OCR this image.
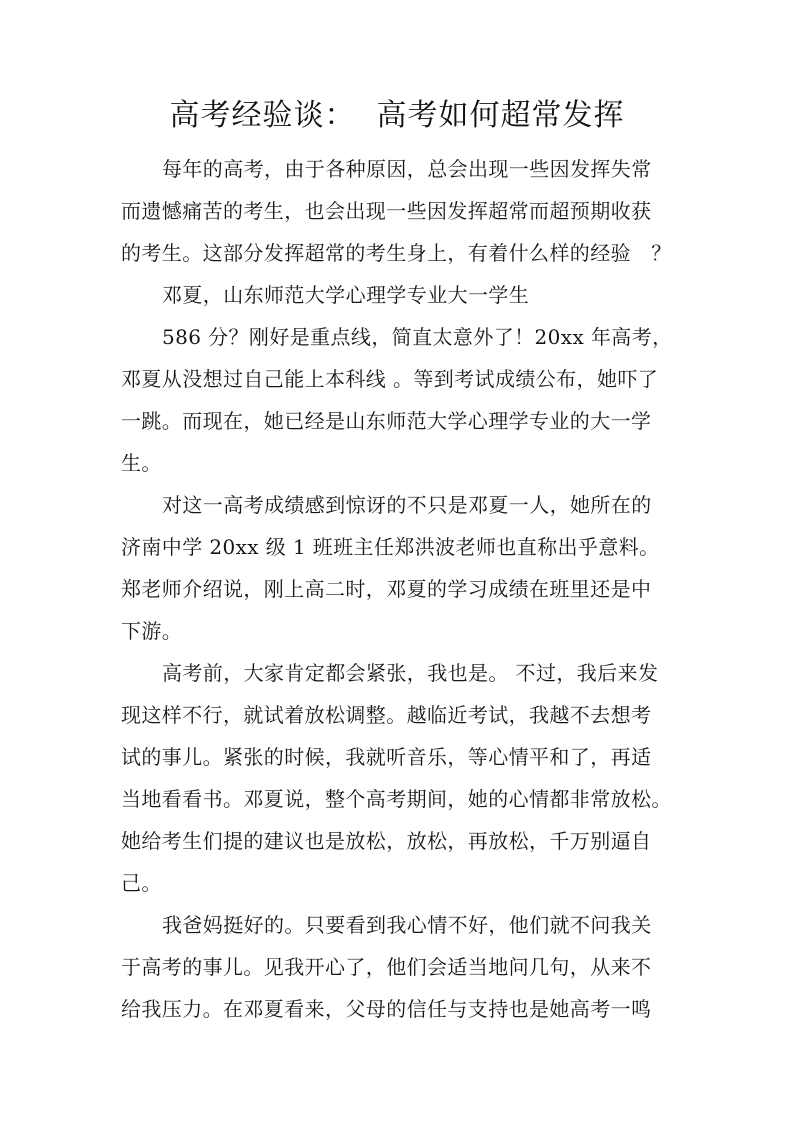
高考经验谈：  高考如何超常发挥
每年的高考，由于各种原因，总会出现一些因发挥失常
而遗憾痛苦的考生，也会出现一些因发挥超常而超预期收获
的考生。这部分发挥超常的考生身上，有着什么样的经验   ？
邓夏，山东师范大学心理学专业大一学生
586 分？刚好是重点线，简直太意外了！20xx 年高考，
邓夏从没想过自己能上本科线 。等到考试成绩公布，她吓了
一跳。而现在，她已经是山东师范大学心理学专业的大一学
生。
对这一高考成绩感到惊讶的不只是邓夏一人，她所在的
济南中学 20xx 级 1 班班主任郑洪波老师也直称出乎意料。
郑老师介绍说，刚上高二时，邓夏的学习成绩在班里还是中
下游。
高考前，大家肯定都会紧张，我也是。 不过，我后来发
现这样不行，就试着放松调整。越临近考试，我越不去想考
试的事儿。紧张的时候，我就听音乐，等心情平和了，再适
当地看看书。邓夏说，整个高考期间，她的心情都非常放松。
她给考生们提的建议也是放松，放松，再放松，千万别逼自
己。
我爸妈挺好的。只要看到我心情不好，他们就不问我关
于高考的事儿。见我开心了，他们会适当地问几句，从来不
给我压力。在邓夏看来，父母的信任与支持也是她高考一鸣
